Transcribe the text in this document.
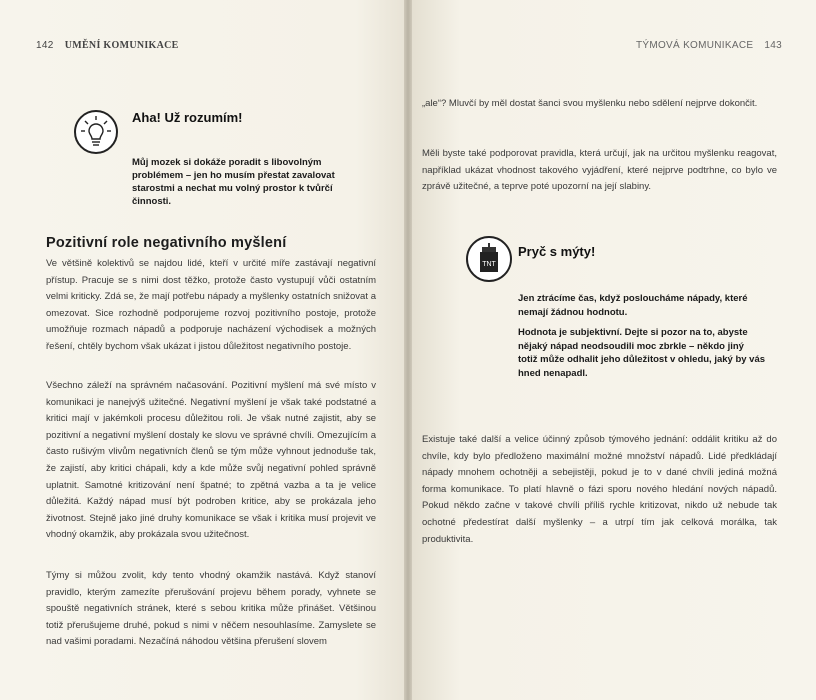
142 UMĚNÍ KOMUNIKACE
Aha! Už rozumím!
Můj mozek si dokáže poradit s libovolným problémem – jen ho musím přestat zavalovat starostmi a nechat mu volný prostor k tvůrčí činnosti.
Pozitivní role negativního myšlení
Ve většině kolektivů se najdou lidé, kteří v určité míře zastávají negativní přístup. Pracuje se s nimi dost těžko, protože často vystupují vůči ostatním velmi kriticky. Zdá se, že mají potřebu nápady a myšlenky ostatních snižovat a omezovat. Sice rozhodně podporujeme rozvoj pozitivního postoje, protože umožňuje rozmach nápadů a podporuje nacházení východisek a možných řešení, chtěly bychom však ukázat i jistou důležitost negativního postoje.
Všechno záleží na správném načasování. Pozitivní myšlení má své místo v komunikaci je nanejvýš užitečné. Negativní myšlení je však také podstatné a kritici mají v jakémkoli procesu důležitou roli. Je však nutné zajistit, aby se pozitivní a negativní myšlení dostaly ke slovu ve správné chvíli. Omezujícím a často rušivým vlivům negativních členů se tým může vyhnout jednoduše tak, že zajistí, aby kritici chápali, kdy a kde může svůj negativní pohled správně uplatnit. Samotné kritizování není špatné; to zpětná vazba a ta je velice důležitá. Každý nápad musí být podroben kritice, aby se prokázala jeho životnost. Stejně jako jiné druhy komunikace se však i kritika musí projevit ve vhodný okamžik, aby prokázala svou užitečnost.
Týmy si můžou zvolit, kdy tento vhodný okamžik nastává. Když stanoví pravidlo, kterým zamezíte přerušování projevu během porady, vyhnete se spouště negativních stránek, které s sebou kritika může přinášet. Většinou totiž přerušujeme druhé, pokud s nimi v něčem nesouhlasíme. Zamyslete se nad vašimi poradami. Nezačíná náhodou většina přerušení slovem
TÝMOVÁ KOMUNIKACE 143
„ale“? Mluvčí by měl dostat šanci svou myšlenku nebo sdělení nejprve dokončit.
Měli byste také podporovat pravidla, která určují, jak na určitou myšlenku reagovat, například ukázat vhodnost takového vyjádření, které nejprve podtrhne, co bylo ve zprávě užitečné, a teprve poté upozorní na její slabiny.
TNT
Pryč s mýty!
Jen ztrácíme čas, když posloucháme nápady, které nemají žádnou hodnotu.
Hodnota je subjektivní. Dejte si pozor na to, abyste nějaký nápad neodsoudili moc zbrkle – někdo jiný totiž může odhalit jeho důležitost v ohledu, jaký by vás hned nenapadl.
Existuje také další a velice účinný způsob týmového jednání: oddálit kritiku až do chvíle, kdy bylo předloženo maximální možné množství nápadů. Lidé předkládají nápady mnohem ochotněji a sebejistěji, pokud je to v dané chvíli jediná možná forma komunikace. To platí hlavně o fázi sporu nového hledání nových nápadů. Pokud někdo začne v takové chvíli příliš rychle kritizovat, nikdo už nebude tak ochotné předestírat další myšlenky – a utrpí tím jak celková morálka, tak produktivita.
